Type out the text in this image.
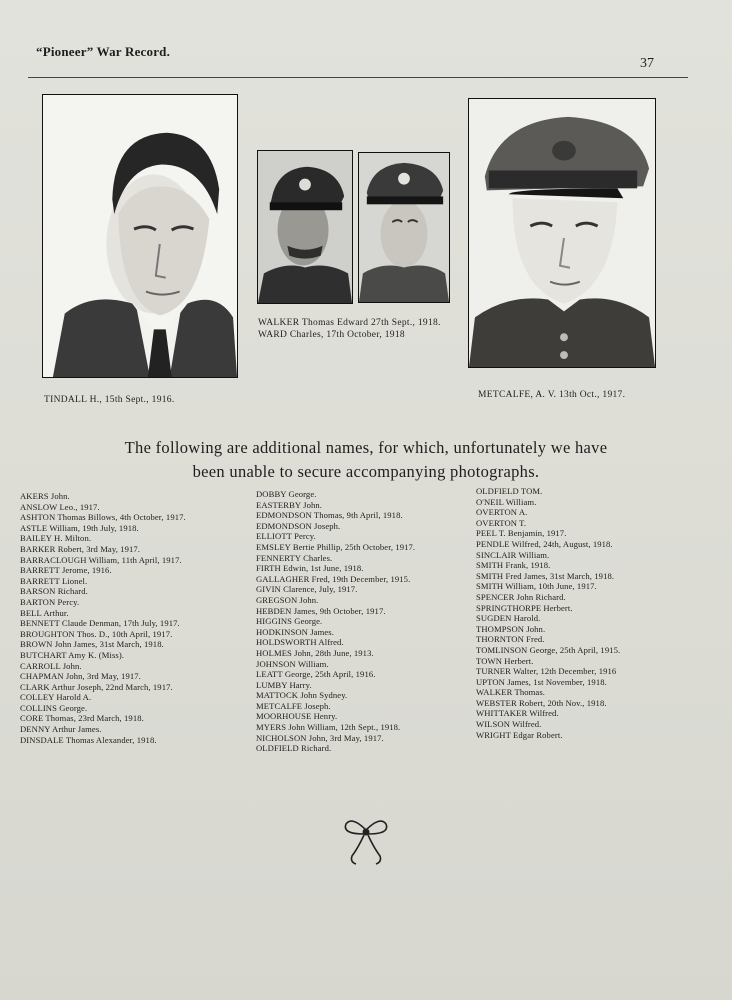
“Pioneer” War Record.
37
TINDALL H., 15th Sept., 1916.
WALKER Thomas Edward 27th Sept., 1918.
WARD Charles, 17th October, 1918
METCALFE, A. V. 13th Oct., 1917.
The following are additional names, for which, unfortunately we have
been unable to secure accompanying photographs.
AKERS John.
ANSLOW Leo., 1917.
ASHTON Thomas Billows, 4th October, 1917.
ASTLE William, 19th July, 1918.
BAILEY H. Milton.
BARKER Robert, 3rd May, 1917.
BARRACLOUGH William, 11th April, 1917.
BARRETT Jerome, 1916.
BARRETT Lionel.
BARSON Richard.
BARTON Percy.
BELL Arthur.
BENNETT Claude Denman, 17th July, 1917.
BROUGHTON Thos. D., 10th April, 1917.
BROWN John James, 31st March, 1918.
BUTCHART Amy K. (Miss).
CARROLL John.
CHAPMAN John, 3rd May, 1917.
CLARK Arthur Joseph, 22nd March, 1917.
COLLEY Harold A.
COLLINS George.
CORE Thomas, 23rd March, 1918.
DENNY Arthur James.
DINSDALE Thomas Alexander, 1918.
DOBBY George.
EASTERBY John.
EDMONDSON Thomas, 9th April, 1918.
EDMONDSON Joseph.
ELLIOTT Percy.
EMSLEY Bertie Phillip, 25th October, 1917.
FENNERTY Charles.
FIRTH Edwin, 1st June, 1918.
GALLAGHER Fred, 19th December, 1915.
GIVIN Clarence, July, 1917.
GREGSON John.
HEBDEN James, 9th October, 1917.
HIGGINS George.
HODKINSON James.
HOLDSWORTH Alfred.
HOLMES John, 28th June, 1913.
JOHNSON William.
LEATT George, 25th April, 1916.
LUMBY Harry.
MATTOCK John Sydney.
METCALFE Joseph.
MOORHOUSE Henry.
MYERS John William, 12th Sept., 1918.
NICHOLSON John, 3rd May, 1917.
OLDFIELD Richard.
OLDFIELD TOM.
O'NEIL William.
OVERTON A.
OVERTON T.
PEEL T. Benjamin, 1917.
PENDLE Wilfred, 24th, August, 1918.
SINCLAIR William.
SMITH Frank, 1918.
SMITH Fred James, 31st March, 1918.
SMITH William, 10th June, 1917.
SPENCER John Richard.
SPRINGTHORPE Herbert.
SUGDEN Harold.
THOMPSON John.
THORNTON Fred.
TOMLINSON George, 25th April, 1915.
TOWN Herbert.
TURNER Walter, 12th December, 1916
UPTON James, 1st November, 1918.
WALKER Thomas.
WEBSTER Robert, 20th Nov., 1918.
WHITTAKER Wilfred.
WILSON Wilfred.
WRIGHT Edgar Robert.
